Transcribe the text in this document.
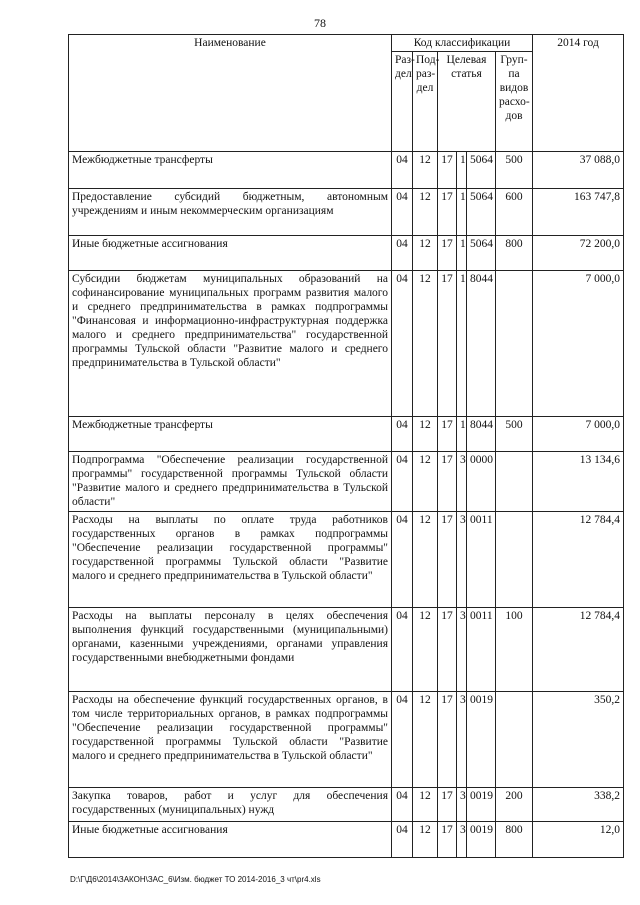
78
Наименование	Код классификации						2014 год
	Раз-дел	Под-раз-дел	Целевая статья			Груп-па видов расхо-дов	
Межбюджетные трансферты	04	12	17	1	5064	500	37 088,0
Предоставление субсидий бюджетным, автономным учреждениям и иным некоммерческим организациям	04	12	17	1	5064	600	163 747,8
Иные бюджетные ассигнования	04	12	17	1	5064	800	72 200,0
Субсидии бюджетам муниципальных образований на софинансирование муниципальных программ развития малого и среднего предпринимательства в рамках подпрограммы "Финансовая и информационно-инфраструктурная поддержка малого и среднего предпринимательства" государственной программы Тульской области "Развитие малого и среднего предпринимательства в Тульской области"	04	12	17	1	8044		7 000,0
Межбюджетные трансферты	04	12	17	1	8044	500	7 000,0
Подпрограмма "Обеспечение реализации государственной программы" государственной программы Тульской области "Развитие малого и среднего предпринимательства в Тульской области"	04	12	17	3	0000		13 134,6
Расходы на выплаты по оплате труда работников государственных органов в рамках подпрограммы "Обеспечение реализации государственной программы" государственной программы Тульской области "Развитие малого и среднего предпринимательства в Тульской области"	04	12	17	3	0011		12 784,4
Расходы на выплаты персоналу в целях обеспечения выполнения функций государственными (муниципальными) органами, казенными учреждениями, органами управления государственными внебюджетными фондами	04	12	17	3	0011	100	12 784,4
Расходы на обеспечение функций государственных органов, в том числе территориальных органов, в рамках подпрограммы "Обеспечение реализации государственной программы" государственной программы Тульской области "Развитие малого и среднего предпринимательства в Тульской области"	04	12	17	3	0019		350,2
Закупка товаров, работ и услуг для обеспечения государственных (муниципальных) нужд	04	12	17	3	0019	200	338,2
Иные бюджетные ассигнования	04	12	17	3	0019	800	12,0
D:\Г\Д6\2014\ЗАКОН\ЗАС_6\Изм. бюджет ТО 2014-2016_3 чт\pr4.xls
